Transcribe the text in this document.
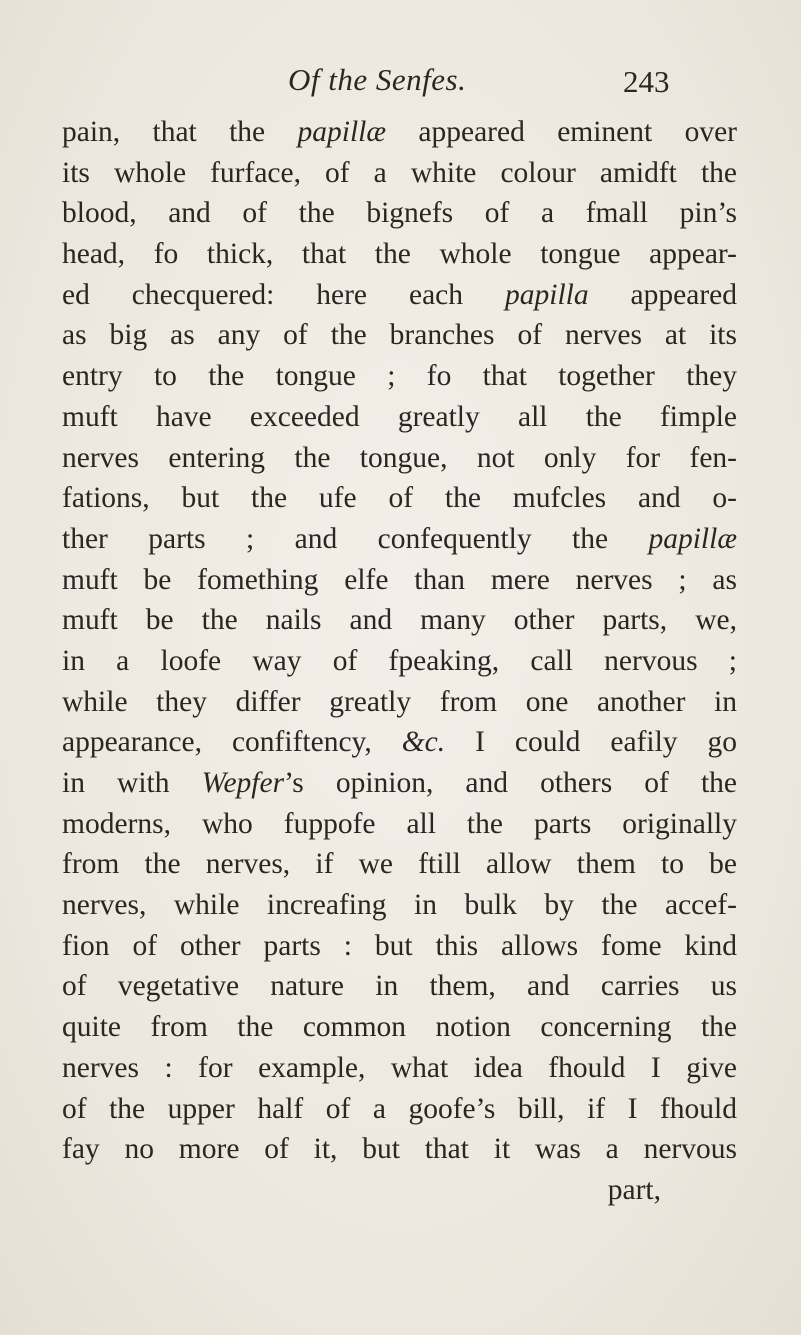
Of the Senfes.	243
pain, that the papillæ appeared eminent over
its whole furface, of a white colour amidft the
blood, and of the bignefs of a fmall pin’s
head, fo thick, that the whole tongue appear-
ed checquered: here each papilla appeared
as big as any of the branches of nerves at its
entry to the tongue ; fo that together they
muft have exceeded greatly all the fimple
nerves entering the tongue, not only for fen-
fations, but the ufe of the mufcles and o-
ther parts ; and confequently the papillæ
muft be fomething elfe than mere nerves ; as
muft be the nails and many other parts, we,
in a loofe way of fpeaking, call nervous ;
while they differ greatly from one another in
appearance, confiftency, &c. I could eafily go
in with Wepfer’s opinion, and others of the
moderns, who fuppofe all the parts originally
from the nerves, if we ftill allow them to be
nerves, while increafing in bulk by the accef-
fion of other parts : but this allows fome kind
of vegetative nature in them, and carries us
quite from the common notion concerning the
nerves : for example, what idea fhould I give
of the upper half of a goofe’s bill, if I fhould
fay no more of it, but that it was a nervous
part,
